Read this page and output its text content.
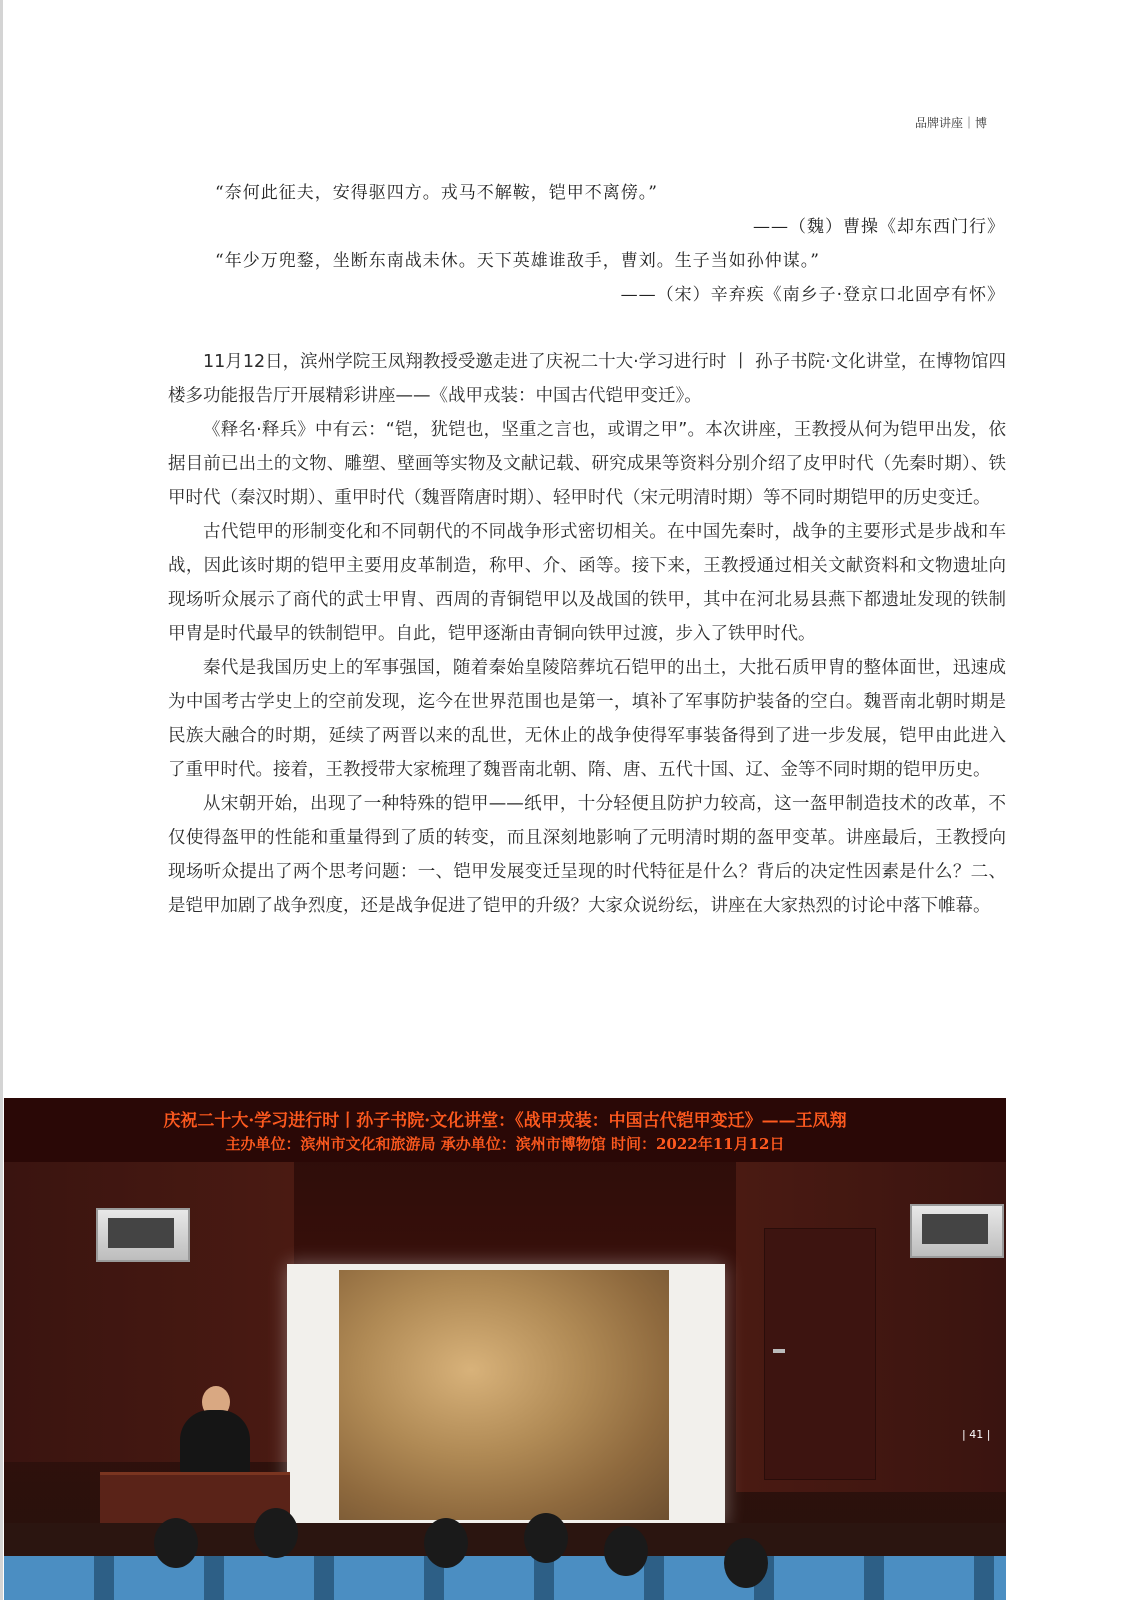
品牌讲座｜博
“奈何此征夫，安得驱四方。戎马不解鞍，铠甲不离傍。”
——（魏）曹操《却东西门行》
“年少万兜鍪，坐断东南战未休。天下英雄谁敌手，曹刘。生子当如孙仲谋。”
——（宋）辛弃疾《南乡子·登京口北固亭有怀》

11月12日，滨州学院王凤翔教授受邀走进了庆祝二十大·学习进行时 丨 孙子书院·文化讲堂，在博物馆四楼多功能报告厅开展精彩讲座——《战甲戎装：中国古代铠甲变迁》。

《释名·释兵》中有云：“铠，犹铠也，坚重之言也，或谓之甲”。本次讲座，王教授从何为铠甲出发，依据目前已出土的文物、雕塑、壁画等实物及文献记载、研究成果等资料分别介绍了皮甲时代（先秦时期）、铁甲时代（秦汉时期）、重甲时代（魏晋隋唐时期）、轻甲时代（宋元明清时期）等不同时期铠甲的历史变迁。

古代铠甲的形制变化和不同朝代的不同战争形式密切相关。在中国先秦时，战争的主要形式是步战和车战，因此该时期的铠甲主要用皮革制造，称甲、介、函等。接下来，王教授通过相关文献资料和文物遗址向现场听众展示了商代的武士甲胄、西周的青铜铠甲以及战国的铁甲，其中在河北易县燕下都遗址发现的铁制甲胄是时代最早的铁制铠甲。自此，铠甲逐渐由青铜向铁甲过渡，步入了铁甲时代。

秦代是我国历史上的军事强国，随着秦始皇陵陪葬坑石铠甲的出土，大批石质甲胄的整体面世，迅速成为中国考古学史上的空前发现，迄今在世界范围也是第一，填补了军事防护装备的空白。魏晋南北朝时期是民族大融合的时期，延续了两晋以来的乱世，无休止的战争使得军事装备得到了进一步发展，铠甲由此进入了重甲时代。接着，王教授带大家梳理了魏晋南北朝、隋、唐、五代十国、辽、金等不同时期的铠甲历史。

从宋朝开始，出现了一种特殊的铠甲——纸甲，十分轻便且防护力较高，这一盔甲制造技术的改革，不仅使得盔甲的性能和重量得到了质的转变，而且深刻地影响了元明清时期的盔甲变革。讲座最后，王教授向现场听众提出了两个思考问题：一、铠甲发展变迁呈现的时代特征是什么？背后的决定性因素是什么？二、是铠甲加剧了战争烈度，还是战争促进了铠甲的升级？大家众说纷纭，讲座在大家热烈的讨论中落下帷幕。

庆祝二十大·学习进行时丨孙子书院·文化讲堂：《战甲戎装：中国古代铠甲变迁》——王凤翔
主办单位：滨州市文化和旅游局 承办单位：滨州市博物馆 时间：2022年11月12日
| 41 |
